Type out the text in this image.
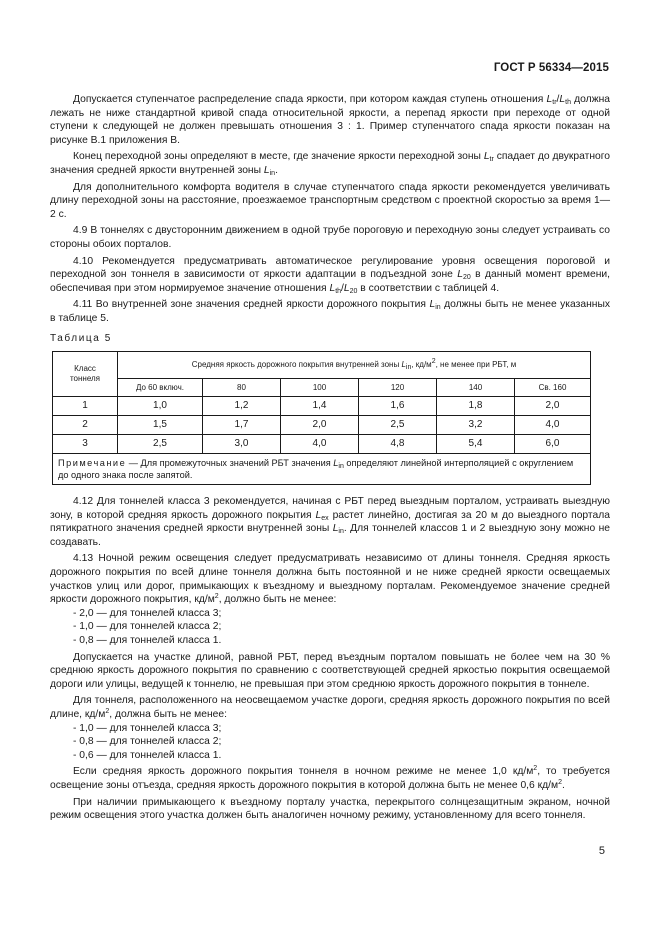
ГОСТ Р 56334—2015

Допускается ступенчатое распределение спада яркости, при котором каждая ступень отношения $L_{tr}/L_{th}$ должна лежать не ниже стандартной кривой спада относительной яркости, а перепад яркости при переходе от одной ступени к следующей не должен превышать отношения 3 : 1. Пример ступенчатого спада яркости показан на рисунке В.1 приложения В.

Конец переходной зоны определяют в месте, где значение яркости переходной зоны $L_{tr}$ спадает до двукратного значения средней яркости внутренней зоны $L_{in}$.

Для дополнительного комфорта водителя в случае ступенчатого спада яркости рекомендуется увеличивать длину переходной зоны на расстояние, проезжаемое транспортным средством с проектной скоростью за время 1—2 с.

4.9 В тоннелях с двусторонним движением в одной трубе пороговую и переходную зоны следует устраивать со стороны обоих порталов.

4.10 Рекомендуется предусматривать автоматическое регулирование уровня освещения пороговой и переходной зон тоннеля в зависимости от яркости адаптации в подъездной зоне $L_{20}$ в данный момент времени, обеспечивая при этом нормируемое значение отношения $L_{th}/L_{20}$ в соответствии с таблицей 4.

4.11 Во внутренней зоне значения средней яркости дорожного покрытия $L_{in}$ должны быть не менее указанных в таблице 5.

Таблица 5
Класс
тоннеля	Средняя яркость дорожного покрытия внутренней зоны $L_{in}$, $кд/м^2$, не менее при РБТ, м					
	До 60 включ.	80	100	120	140	Св. 160
1	1,0	1,2	1,4	1,6	1,8	2,0
2	1,5	1,7	2,0	2,5	3,2	4,0
3	2,5	3,0	4,0	4,8	5,4	6,0
Примечание — Для промежуточных значений РБТ значения $L_{in}$ определяют линейной интерполяцией с округлением до одного знака после запятой.						

4.12 Для тоннелей класса 3 рекомендуется, начиная с РБТ перед выездным порталом, устраивать выездную зону, в которой средняя яркость дорожного покрытия $L_{ex}$ растет линейно, достигая за 20 м до выездного портала пятикратного значения средней яркости внутренней зоны $L_{in}$. Для тоннелей классов 1 и 2 выездную зону можно не создавать.

4.13 Ночной режим освещения следует предусматривать независимо от длины тоннеля. Средняя яркость дорожного покрытия по всей длине тоннеля должна быть постоянной и не ниже средней яркости освещаемых участков улиц или дорог, примыкающих к въездному и выездному порталам. Рекомендуемое значение средней яркости дорожного покрытия, $кд/м^2$, должно быть не менее:

- 2,0 — для тоннелей класса 3;
- 1,0 — для тоннелей класса 2;
- 0,8 — для тоннелей класса 1.

Допускается на участке длиной, равной РБТ, перед въездным порталом повышать не более чем на 30 % среднюю яркость дорожного покрытия по сравнению с соответствующей средней яркостью покрытия освещаемой дороги или улицы, ведущей к тоннелю, не превышая при этом среднюю яркость дорожного покрытия в тоннеле.

Для тоннеля, расположенного на неосвещаемом участке дороги, средняя яркость дорожного покрытия по всей длине, $кд/м^2$, должна быть не менее:

- 1,0 — для тоннелей класса 3;
- 0,8 — для тоннелей класса 2;
- 0,6 — для тоннелей класса 1.

Если средняя яркость дорожного покрытия тоннеля в ночном режиме не менее 1,0 $кд/м^2$, то требуется освещение зоны отъезда, средняя яркость дорожного покрытия в которой должна быть не менее 0,6 $кд/м^2$.

При наличии примыкающего к въездному порталу участка, перекрытого солнцезащитным экраном, ночной режим освещения этого участка должен быть аналогичен ночному режиму, установленному для всего тоннеля.

5
